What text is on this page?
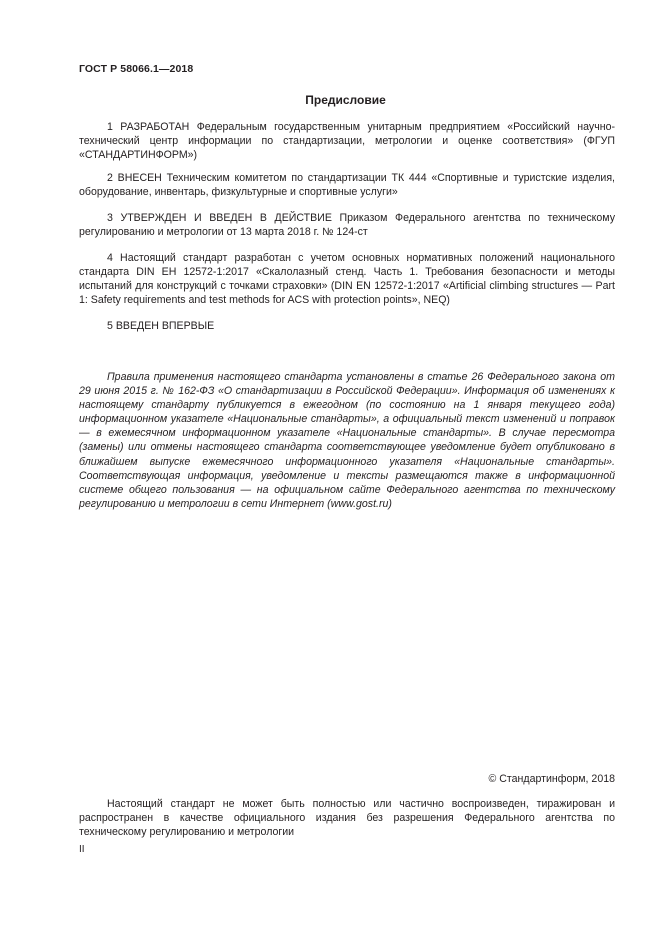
ГОСТ Р 58066.1—2018
Предисловие

1 РАЗРАБОТАН Федеральным государственным унитарным предприятием «Российский научно-технический центр информации по стандартизации, метрологии и оценке соответствия» (ФГУП «СТАНДАРТИНФОРМ»)

2 ВНЕСЕН Техническим комитетом по стандартизации ТК 444 «Спортивные и туристские изделия, оборудование, инвентарь, физкультурные и спортивные услуги»

3 УТВЕРЖДЕН И ВВЕДЕН В ДЕЙСТВИЕ Приказом Федерального агентства по техническому регулированию и метрологии от 13 марта 2018 г. № 124-ст

4 Настоящий стандарт разработан с учетом основных нормативных положений национального стандарта DIN EH 12572-1:2017 «Скалолазный стенд. Часть 1. Требования безопасности и методы испытаний для конструкций с точками страховки» (DIN EN 12572-1:2017 «Artificial climbing structures — Part 1: Safety requirements and test methods for ACS with protection points», NEQ)

5 ВВЕДЕН ВПЕРВЫЕ

Правила применения настоящего стандарта установлены в статье 26 Федерального закона от 29 июня 2015 г. № 162-ФЗ «О стандартизации в Российской Федерации». Информация об изменениях к настоящему стандарту публикуется в ежегодном (по состоянию на 1 января текущего года) информационном указателе «Национальные стандарты», а официальный текст изменений и поправок — в ежемесячном информационном указателе «Национальные стандарты». В случае пересмотра (замены) или отмены настоящего стандарта соответствующее уведомление будет опубликовано в ближайшем выпуске ежемесячного информационного указателя «Национальные стандарты». Соответствующая информация, уведомление и тексты размещаются также в информационной системе общего пользования — на официальном сайте Федерального агентства по техническому регулированию и метрологии в сети Интернет (www.gost.ru)

© Стандартинформ, 2018

Настоящий стандарт не может быть полностью или частично воспроизведен, тиражирован и распространен в качестве официального издания без разрешения Федерального агентства по техническому регулированию и метрологии

II
